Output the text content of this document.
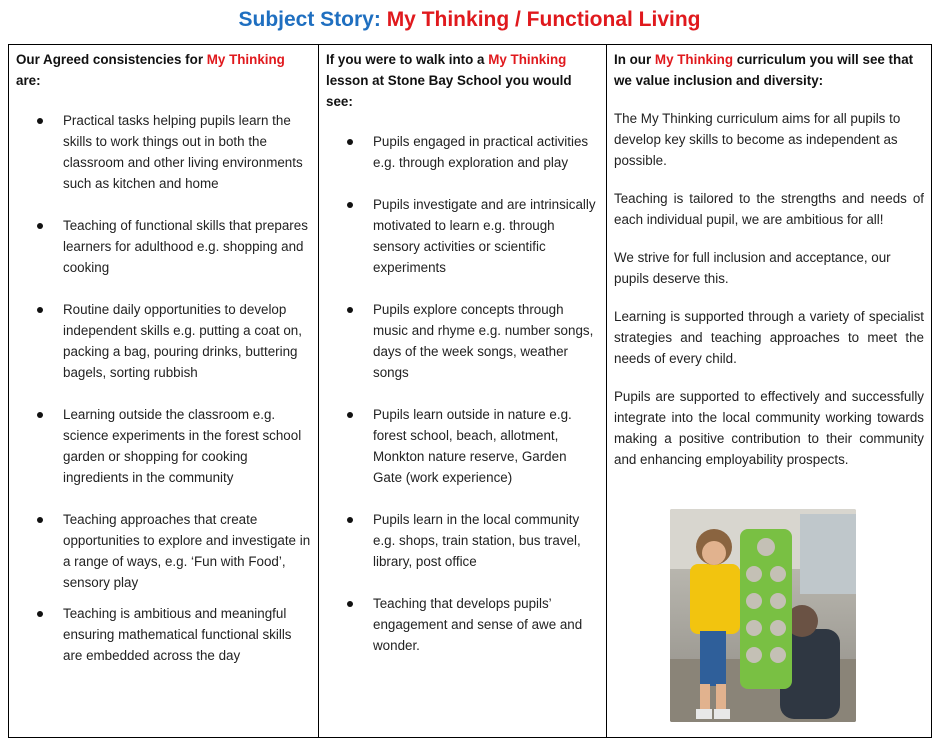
Subject Story: My Thinking / Functional Living
Our Agreed consistencies for My Thinking are:
Practical tasks helping pupils learn the skills to work things out in both the classroom and other living environments such as kitchen and home
Teaching of functional skills that prepares learners for adulthood e.g. shopping and cooking
Routine daily opportunities to develop independent skills e.g. putting a coat on, packing a bag, pouring drinks, buttering bagels, sorting rubbish
Learning outside the classroom e.g. science experiments in the forest school garden or shopping for cooking ingredients in the community
Teaching approaches that create opportunities to explore and investigate in a range of ways, e.g. ‘Fun with Food’, sensory play
Teaching is ambitious and meaningful ensuring mathematical functional skills are embedded across the day
If you were to walk into a My Thinking lesson at Stone Bay School you would see:
Pupils engaged in practical activities e.g. through exploration and play
Pupils investigate and are intrinsically motivated to learn e.g. through sensory activities or scientific experiments
Pupils explore concepts through music and rhyme e.g. number songs, days of the week songs, weather songs
Pupils learn outside in nature e.g. forest school, beach, allotment, Monkton nature reserve, Garden Gate (work experience)
Pupils learn in the local community e.g. shops, train station, bus travel, library, post office
Teaching that develops pupils’ engagement and sense of awe and wonder.
In our My Thinking curriculum you will see that we value inclusion and diversity:

The My Thinking curriculum aims for all pupils to develop key skills to become as independent as possible.

Teaching is tailored to the strengths and needs of each individual pupil, we are ambitious for all!

We strive for full inclusion and acceptance, our pupils deserve this.

Learning is supported through a variety of specialist strategies and teaching approaches to meet the needs of every child.

Pupils are supported to effectively and successfully integrate into the local community working towards making a positive contribution to their community and enhancing employability prospects.
